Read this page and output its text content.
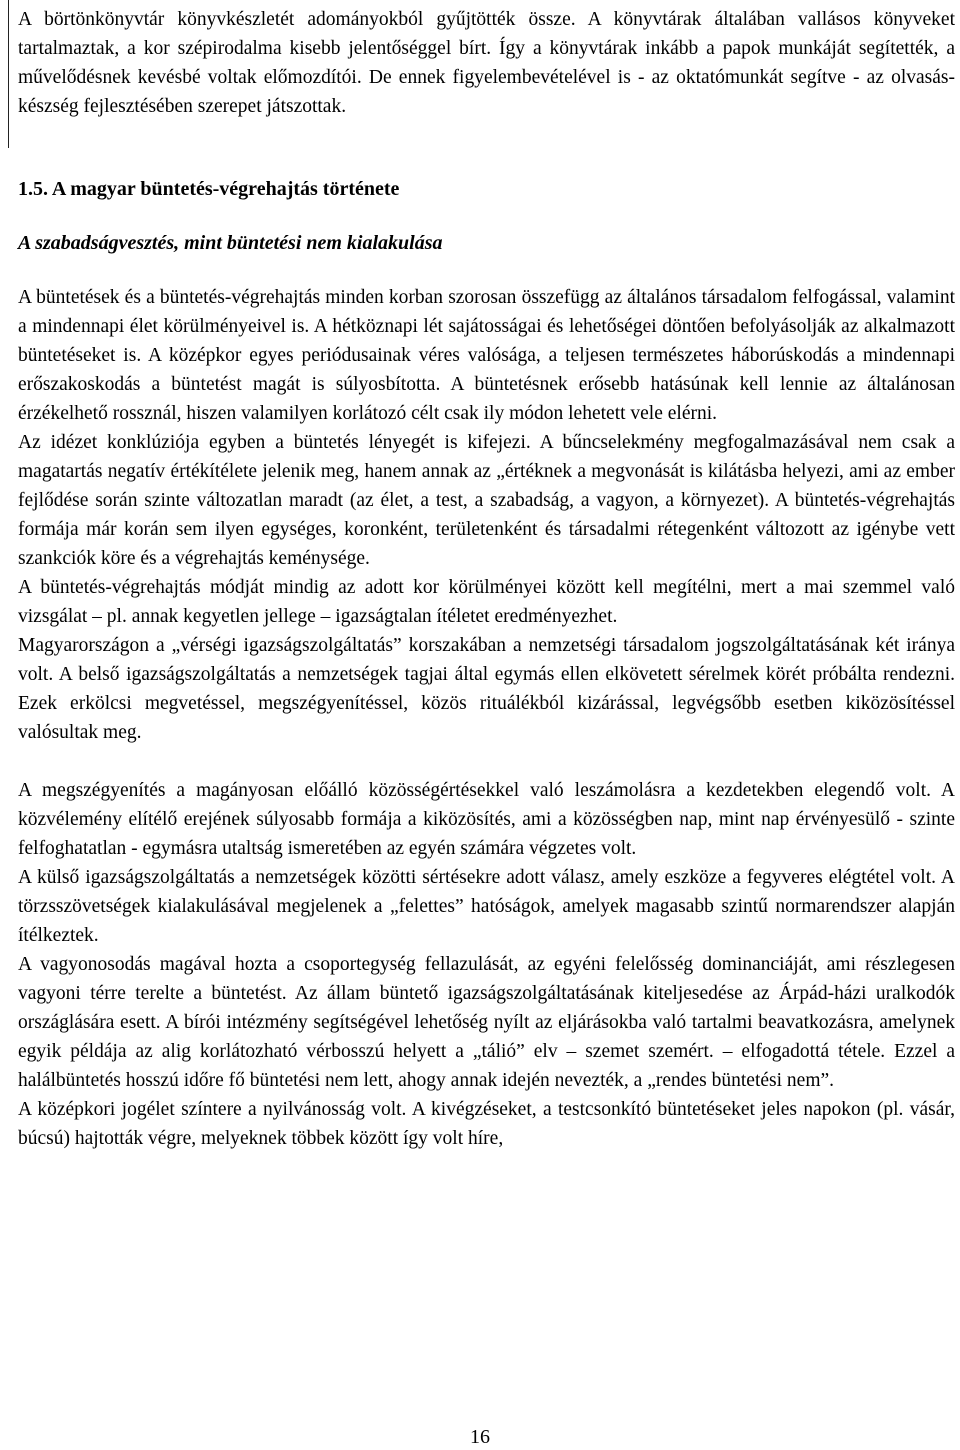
A börtönkönyvtár könyvkészletét adományokból gyűjtötték össze. A könyvtárak általában vallásos könyveket tartalmaztak, a kor szépirodalma kisebb jelentőséggel bírt. Így a könyvtárak inkább a papok munkáját segítették, a művelődésnek kevésbé voltak előmozdítói. De ennek figyelembevételével is - az oktatómunkát segítve - az olvasás-készség fejlesztésében szerepet játszottak.

1.5. A magyar büntetés-végrehajtás története
A szabadságvesztés, mint büntetési nem kialakulása

A büntetések és a büntetés-végrehajtás minden korban szorosan összefügg az általános társadalom felfogással, valamint a mindennapi élet körülményeivel is. A hétköznapi lét sajátosságai és lehetőségei döntően befolyásolják az alkalmazott büntetéseket is. A középkor egyes periódusainak véres valósága, a teljesen természetes háborúskodás a mindennapi erőszakoskodás a büntetést magát is súlyosbította. A büntetésnek erősebb hatásúnak kell lennie az általánosan érzékelhető rossznál, hiszen valamilyen korlátozó célt csak ily módon lehetett vele elérni.

Az idézet konklúziója egyben a büntetés lényegét is kifejezi. A bűncselekmény megfogalmazásával nem csak a magatartás negatív értékítélete jelenik meg, hanem annak az „értéknek a megvonását is kilátásba helyezi, ami az ember fejlődése során szinte változatlan maradt (az élet, a test, a szabadság, a vagyon, a környezet). A büntetés-végrehajtás formája már korán sem ilyen egységes, koronként, területenként és társadalmi rétegenként változott az igénybe vett szankciók köre és a végrehajtás keménysége.

A büntetés-végrehajtás módját mindig az adott kor körülményei között kell megítélni, mert a mai szemmel való vizsgálat – pl. annak kegyetlen jellege – igazságtalan ítéletet eredményezhet.

Magyarországon a „vérségi igazságszolgáltatás” korszakában a nemzetségi társadalom jogszolgáltatásának két iránya volt. A belső igazságszolgáltatás a nemzetségek tagjai által egymás ellen elkövetett sérelmek körét próbálta rendezni. Ezek erkölcsi megvetéssel, megszégyenítéssel, közös rituálékból kizárással, legvégsőbb esetben kiközösítéssel valósultak meg.

A megszégyenítés a magányosan előálló közösségértésekkel való leszámolásra a kezdetekben elegendő volt. A közvélemény elítélő erejének súlyosabb formája a kiközösítés, ami a közösségben nap, mint nap érvényesülő - szinte felfoghatatlan - egymásra utaltság ismeretében az egyén számára végzetes volt.

A külső igazságszolgáltatás a nemzetségek közötti sértésekre adott válasz, amely eszköze a fegyveres elégtétel volt. A törzsszövetségek kialakulásával megjelenek a „felettes” hatóságok, amelyek magasabb szintű normarendszer alapján ítélkeztek.

A vagyonosodás magával hozta a csoportegység fellazulását, az egyéni felelősség dominanciáját, ami részlegesen vagyoni térre terelte a büntetést. Az állam büntető igazságszolgáltatásának kiteljesedése az Árpád-házi uralkodók országlására esett. A bírói intézmény segítségével lehetőség nyílt az eljárásokba való tartalmi beavatkozásra, amelynek egyik példája az alig korlátozható vérbosszú helyett a „tálió” elv – szemet szemért. – elfogadottá tétele. Ezzel a halálbüntetés hosszú időre fő büntetési nem lett, ahogy annak idején nevezték, a „rendes büntetési nem”.

A középkori jogélet színtere a nyilvánosság volt. A kivégzéseket, a testcsonkító büntetéseket jeles napokon (pl. vásár, búcsú) hajtották végre, melyeknek többek között így volt híre,

16
